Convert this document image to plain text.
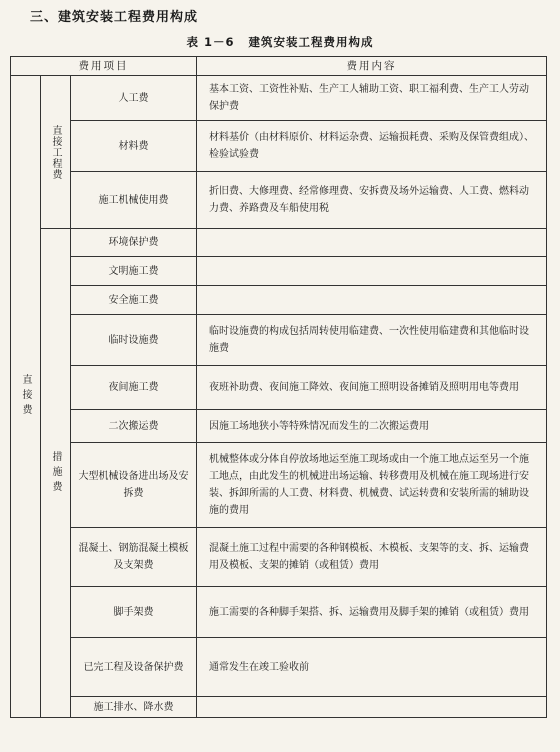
三、建筑安装工程费用构成
表 1－6 建筑安装工程费用构成
费用项目			费用内容
直接费	直接工程费	人工费	基本工资、工资性补贴、生产工人辅助工资、职工福利费、生产工人劳动保护费
		材料费	材料基价（由材料原价、材料运杂费、运输损耗费、采购及保管费组成）、检验试验费
		施工机械使用费	折旧费、大修理费、经常修理费、安拆费及场外运输费、人工费、燃料动力费、养路费及车船使用税
	措施费	环境保护费	
		文明施工费	
		安全施工费	
		临时设施费	临时设施费的构成包括周转使用临建费、一次性使用临建费和其他临时设施费
		夜间施工费	夜班补助费、夜间施工降效、夜间施工照明设备摊销及照明用电等费用
		二次搬运费	因施工场地狭小等特殊情况而发生的二次搬运费用
		大型机械设备进出场及安拆费	机械整体或分体自停放场地运至施工现场或由一个施工地点运至另一个施工地点，由此发生的机械进出场运输、转移费用及机械在施工现场进行安装、拆卸所需的人工费、材料费、机械费、试运转费和安装所需的辅助设施的费用
		混凝土、钢筋混凝土模板及支架费	混凝土施工过程中需要的各种钢模板、木模板、支架等的支、拆、运输费用及模板、支架的摊销（或租赁）费用
		脚手架费	施工需要的各种脚手架搭、拆、运输费用及脚手架的摊销（或租赁）费用
		已完工程及设备保护费	通常发生在竣工验收前
		施工排水、降水费	
